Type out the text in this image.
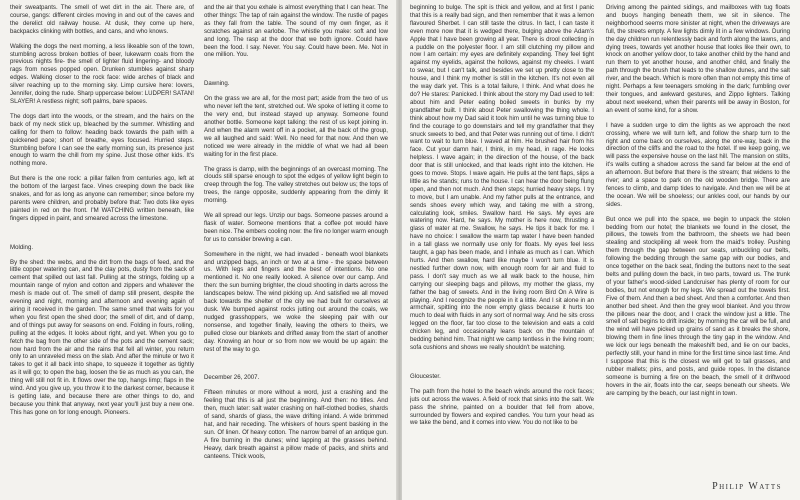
their sweatpants. The smell of wet dirt in the air. There are, of course, gangs: different circles moving in and out of the caves and the derelict old railway house. At dusk, they come up here, backpacks clinking with bottles, and cans, and who knows.

Walking the dogs the next morning, a less likeable son of the town, stumbling across broken bottles of beer, lukewarm coals from the previous nights fire- the smell of lighter fluid lingering- and bloody rags from noses popped open. Drunken stumbles against sharp edges. Walking closer to the rock face: wide arches of black and silver reaching up to the morning sky. Limp cursive here: lovers, Jennifer, doing the rude. Sharp uppercase below: LUDPER! SATAN! SLAYER! A restless night; soft palms, bare spaces.

The dogs dart into the woods, or the stream, and the hairs on the back of my neck stick up, bleached by the summer. Whistling and calling for them to follow: heading back towards the path with a quickened pace; short of breathe, eyes focused. Hurried steps. Stumbling before I can see the early morning sun, its presence just enough to warm the chill from my spine. Just those other kids. It's nothing more.

But there is the one rock: a pillar fallen from centuries ago, left at the bottom of the largest face. Vines creeping down the back like snakes, and for as long as anyone can remember; since before my parents were children, and probably before that: Two dots like eyes painted in red on the front. I'M WATCHING written beneath, like fingers dipped in paint, and smeared across the limestone.

Molding.

By the shed: the webs, and the dirt from the bags of feed, and the little copper watering can, and the clay pots, dusty from the sack of cement that spilled out last fall. Pulling at the strings, folding up a mountain range of nylon and cotton and zippers and whatever the mesh is made out of. The smell of damp still present, despite the evening and night, morning and afternoon and evening again of airing it received in the garden. The same smell that waits for you when you first open the shed door; the smell of dirt, and of damp, and of things put away for seasons on end. Folding in fours, rolling, pulling at the edges. It looks about right, and yet. When you go to fetch the bag from the other side of the pots and the cement sack; now hard from the air and the rains that fell all winter, you return only to an unraveled mess on the slab. And after the minute or two it takes to get it all back into shape, to squeeze it together as tightly as it will go; to open the bag, loosen the tie as much as you can, the thing will still not fit in. It flows over the top, hangs limp; flaps in the wind. And you give up, you throw it to the darkest corner, because it is getting late, and because there are other things to do, and because you think that anyway, next year you'll just buy a new one. This has gone on for long enough. Pioneers.

and the air that you exhale is almost everything that I can hear. The other things: The tap of rain against the window. The rustle of pages as they fall from the table. The sound of my own finger, as it scratches against an earlobe. The whistle you make: soft and low and long. The rasp at the door that we both ignore. Could have been the food. I say. Never. You say. Could have been. Me. Not in one million. You.

Dawning.

On the grass we are all, for the most part; aside from the two of us who never left the tent, stretched out. We spoke of letting it come to the very end, but instead stayed up anyway. Someone found another bottle. Someone kept talking: the rest of us kept joining in. And when the alarm went off in a pocket, all the back of the group, we all laughed and said: Well. No need for that now. And then we noticed we were already in the middle of what we had all been waiting for in the first place.

The grass is damp, with the beginnings of an overcast morning. The clouds still sparse enough to spot the edges of yellow light begin to creep through the fog. The valley stretches out below us; the tops of trees, the range opposite, suddenly appearing from the dimly lit morning.

We all spread our legs. Unzip our bags. Someone passes around a flask of water. Someone mentions that a coffee pot would have been nice. The embers cooling now: the fire no longer warm enough for us to consider brewing a can.

Somewhere in the night, we had invaded - beneath wool blankets and unzipped bags, an inch or two at a time - the space between us. With legs and fingers and the best of intentions. No one mentioned it. No one really looked. A silence over our camp. And then: the sun burning brighter, the cloud shooting in darts across the landscapes below. The wind picking up. And satisfied we all moved back towards the shelter of the city we had built for ourselves at dusk. We bumped against rocks jutting out around the coals, we nudged grasshoppers, we woke the sleeping pair with our nonsense, and together finally, leaving the others to theirs, we pulled close our blankets and drifted away from the start of another day. Knowing an hour or so from now we would be up again: the rest of the way to go.

December 26, 2007.

Fifteen minutes or more without a word, just a crashing and the feeling that this is all just the beginning. And then: no titles. And then, much later: salt water crashing on half-clothed bodies, shards of sand, shards of glass, the wave drifting inland. A wide brimmed hat, and hair receding. The whiskers of hours spent basking in the sun. Of linen. Of heavy cotton. The narrow barrel of an antique gun. A fire burning in the dunes; wind lapping at the grasses behind. Heavy, dark breath against a pillow made of packs, and shirts and canteens. Thick wools,

beginning to bulge. The spit is thick and yellow, and at first I panic that this is a really bad sign, and then remember that it was a lemon flavoured Sherbet. I can still taste the citrus. In fact, I can taste it even more now that it is wedged there, bulging above the Adam's Apple that I have been growing all year. There is drool collecting in a puddle on the polyester floor. I am still clutching my pillow and now I am certain: my eyes are definitely expanding. They feel tight against my eyelids, against the hollows, against my cheeks. I want to swear, but I can't talk, and besides we set up pretty close to the house, and I think my mother is still in the kitchen. It's not even all the way dark yet. This is a total failure, I think. And what does he do? He stares: Panicked. I think about the story my Dad used to tell: about him and Peter eating boiled sweets in bunks by my grandfather built. I think about Peter swallowing the thing whole. I think about how my Dad said it took him until he was turning blue to find the courage to go downstairs and tell my grandfather that they snuck sweets to bed, and that Peter was running out of time. I didn't want to wait to turn blue. I waved at him. He brushed hair from his face. Cut your damn hair, I think, in my head, in rage. He looks helpless. I wave again; in the direction of the house, of the back door that is still unlocked, and that leads right into the kitchen. He goes to move. Stops. I wave again. He pulls at the tent flaps, slips a little as he stands; runs to the house. I can hear the door being flung open, and then not much. And then steps; hurried heavy steps. I try to move, but I am unable. And my father pulls at the entrance, and sends shoes every which way, and taking me with a strong, calculating look, smiles. Swallow hard. He says. My eyes are watering now. Hard, he says. My mother is here now, thrusting a glass of water at me. Swallow, he says. He tips it back for me. I have no choice: I swallow the warm tap water I have been handed in a tall glass we normally use only for floats. My eyes feel less taught, a gap has been made, and I inhale as much as I can. Which hurts. And then swallow, hard like maybe I won't turn blue. It is nestled further down now, with enough room for air and fluid to pass. I don't say much as we all walk back to the house, him carrying our sleeping bags and pillows, my mother the glass, my father the bag of sweets. And in the living room Bird On A Wire is playing. And I recognize the people in it a little. And I sit alone in an armchair, spitting into the now empty glass because it hurts too much to deal with fluids in any sort of normal way. And he sits cross legged on the floor, far too close to the television and eats a cold chicken leg, and occasionally leans back on the mountain of bedding behind him. That night we camp tentless in the living room; sofa cushions and shows we really shouldn't be watching.

Gloucester.

The path from the hotel to the beach winds around the rock faces; juts out across the waves. A field of rock that sinks into the salt. We pass the shrine, painted on a boulder that fell from above, surrounded by flowers and expired candles. You turn your head as we take the bend, and it comes into view. You do not like to be

Driving among the painted sidings, and mailboxes with tug floats and buoys hanging beneath them, we sit in silence. The neighborhood seems more sinister at night, when the driveways are full, the streets empty. A few lights dimly lit in a few windows. During the day children run relentlessly back and forth along the lawns, and dying trees, towards yet another house that looks like their own, to knock on another yellow door, to take another child by the hand and run them to yet another house, and another child, and finally the path through the brush that leads to the shallow dunes, and the salt river, and the beach. Which is more often than not empty this time of night. Perhaps a few teenagers smoking in the dark; fumbling over their tongues, and awkward gestures, and Zippo lighters. Talking about next weekend, when their parents will be away in Boston, for an event of some kind, for a show.

I have a sudden urge to dim the lights as we approach the next crossing, where we will turn left, and follow the sharp turn to the right and come back on ourselves, along the one-way, back in the direction of the cliffs and the road to the hotel. If we keep going, we will pass the expensive house on the last hill. The mansion on stilts, it's walls cutting a shadow across the sand far below at the end of an afternoon. But before that there is the stream; that widens to the river; and a space to park on the old wooden bridge. There are fences to climb, and damp tides to navigate. And then we will be at the ocean. We will be shoeless; our ankles cool, our hands by our sides.

But once we pull into the space, we begin to unpack the stolen bedding from our hotel; the blankets we found in the closet, the pillows, the towels from the bathroom, the sheets we had been stealing and stockpiling all week from the maid's trolley. Pushing them through the gap between our seats, unbuckling our belts, following the bedding through the same gap with our bodies, and once together on the back seat, finding the buttons next to the seat belts and pulling down the back, in two parts, toward us. The trunk of your father's wood-sided Landcruiser has plenty of room for our bodies, but not enough for my legs. We spread out the towels first. Five of them. And then a bed sheet. And then a comforter. And then another bed sheet. And then the grey wool blanket. And you throw the pillows near the door, and I crack the window just a little. The smell of salt begins to drift inside; by morning the car will be full, and the wind will have picked up grains of sand as it breaks the shore, blowing them in fine lines through the tiny gap in the window. And we kick our legs beneath the makeshift bed, and lie on our backs, perfectly still, your hand in mine for the first time since last time. And I suppose that this is the closest we will get to tall grasses, and rubber mallets; pins, and posts, and guide ropes. In the distance someone is burning a fire on the beach, the smell of it driftwood hovers in the air, floats into the car, seeps beneath our sheets. We are camping by the beach, our last night in town.

Philip Watts
